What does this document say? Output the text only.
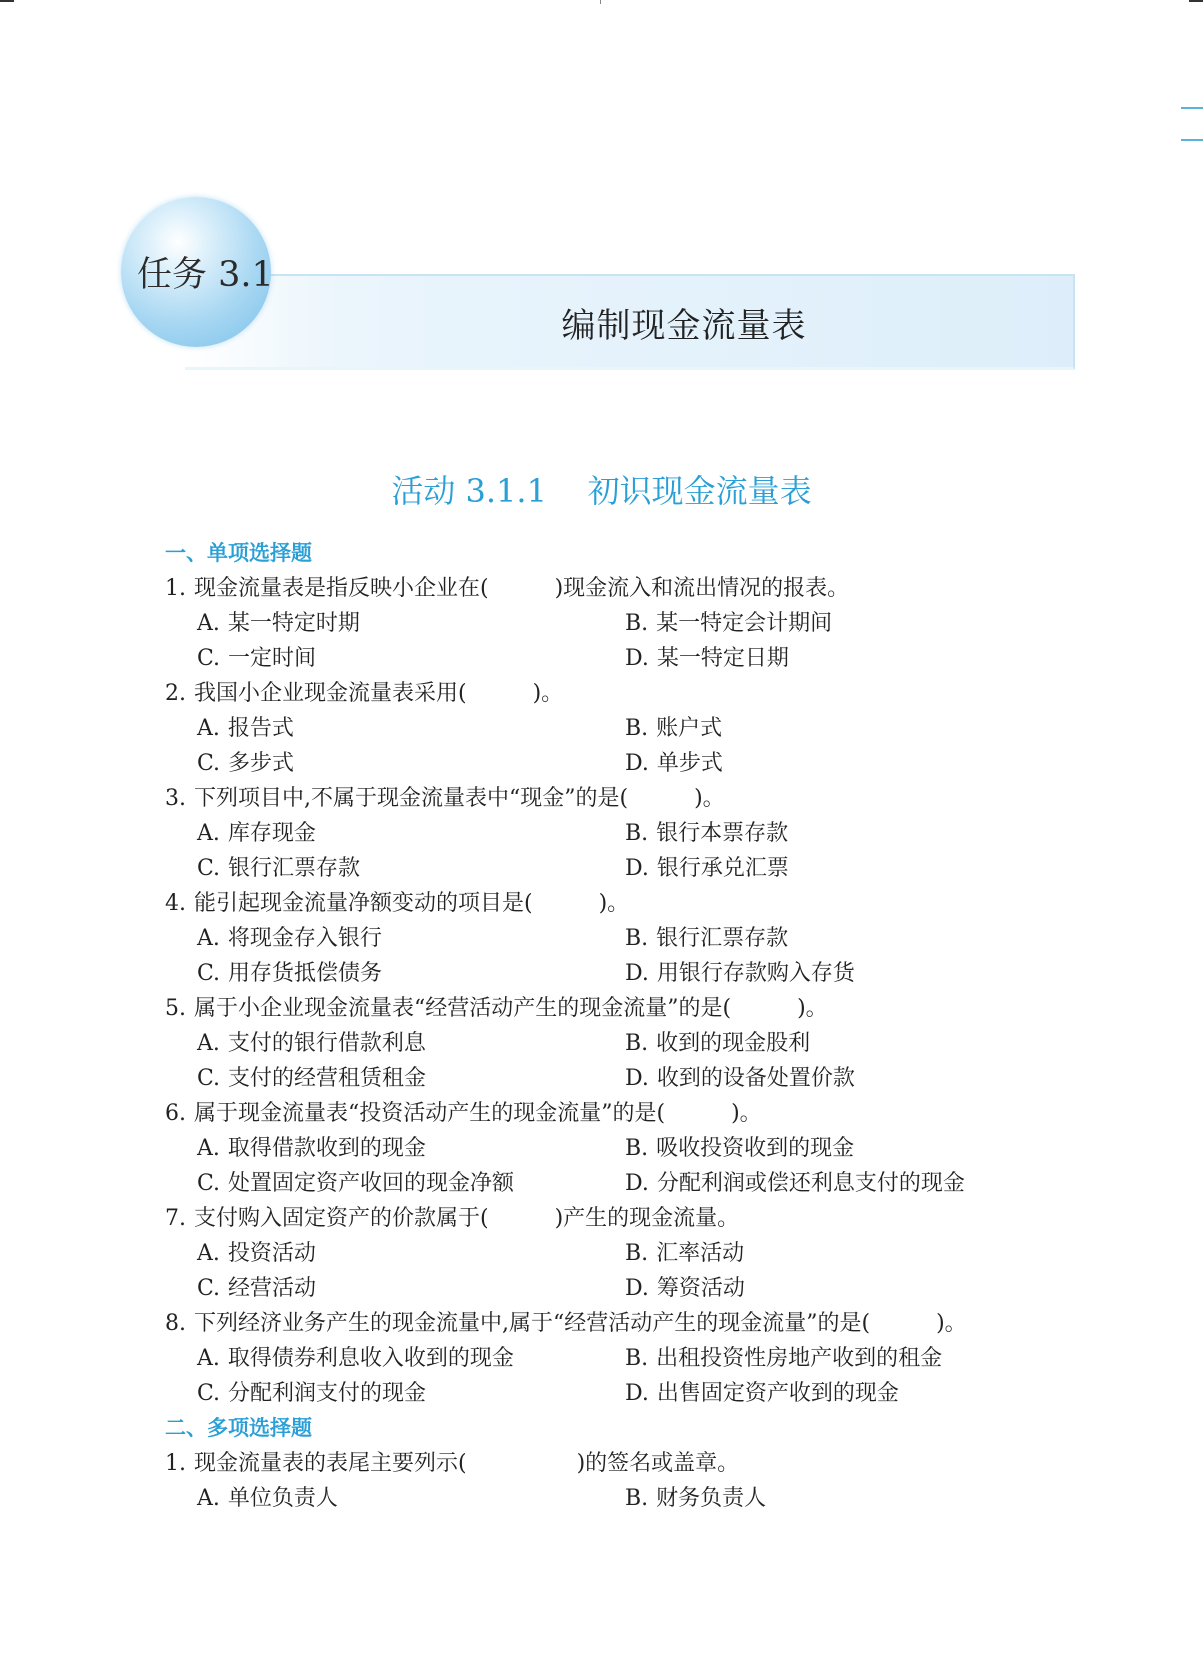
编制现金流量表
任务 3.1
活动 3.1.1    初识现金流量表
一、单项选择题
1. 现金流量表是指反映小企业在(　　　)现金流入和流出情况的报表。
A. 某一特定时期	B. 某一特定会计期间
C. 一定时间	D. 某一特定日期
2. 我国小企业现金流量表采用(　　　)。
A. 报告式	B. 账户式
C. 多步式	D. 单步式
3. 下列项目中,不属于现金流量表中“现金”的是(　　　)。
A. 库存现金	B. 银行本票存款
C. 银行汇票存款	D. 银行承兑汇票
4. 能引起现金流量净额变动的项目是(　　　)。
A. 将现金存入银行	B. 银行汇票存款
C. 用存货抵偿债务	D. 用银行存款购入存货
5. 属于小企业现金流量表“经营活动产生的现金流量”的是(　　　)。
A. 支付的银行借款利息	B. 收到的现金股利
C. 支付的经营租赁租金	D. 收到的设备处置价款
6. 属于现金流量表“投资活动产生的现金流量”的是(　　　)。
A. 取得借款收到的现金	B. 吸收投资收到的现金
C. 处置固定资产收回的现金净额	D. 分配利润或偿还利息支付的现金
7. 支付购入固定资产的价款属于(　　　)产生的现金流量。
A. 投资活动	B. 汇率活动
C. 经营活动	D. 筹资活动
8. 下列经济业务产生的现金流量中,属于“经营活动产生的现金流量”的是(　　　)。
A. 取得债券利息收入收到的现金	B. 出租投资性房地产收到的租金
C. 分配利润支付的现金	D. 出售固定资产收到的现金
二、多项选择题
1. 现金流量表的表尾主要列示(　　　　　)的签名或盖章。
A. 单位负责人	B. 财务负责人
